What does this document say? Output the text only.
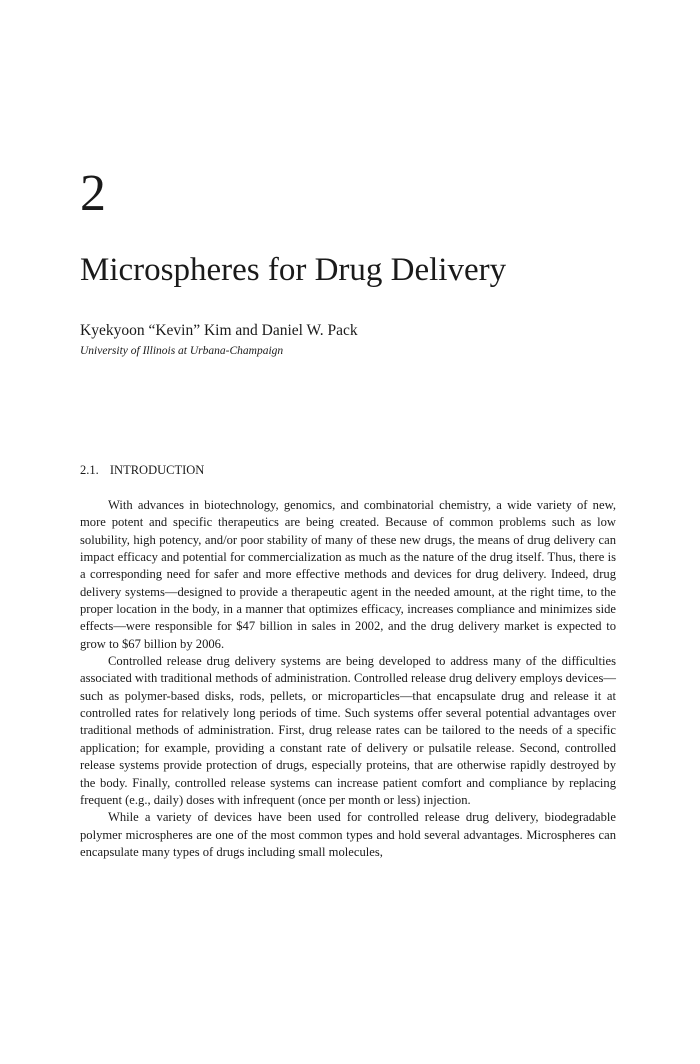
2
Microspheres for Drug Delivery
Kyekyoon “Kevin” Kim and Daniel W. Pack
University of Illinois at Urbana-Champaign
2.1. INTRODUCTION

With advances in biotechnology, genomics, and combinatorial chemistry, a wide variety of new, more potent and specific therapeutics are being created. Because of common problems such as low solubility, high potency, and/or poor stability of many of these new drugs, the means of drug delivery can impact efficacy and potential for commercialization as much as the nature of the drug itself. Thus, there is a corresponding need for safer and more effective methods and devices for drug delivery. Indeed, drug delivery systems—designed to provide a therapeutic agent in the needed amount, at the right time, to the proper location in the body, in a manner that optimizes efficacy, increases compliance and minimizes side effects—were responsible for $47 billion in sales in 2002, and the drug delivery market is expected to grow to $67 billion by 2006.

Controlled release drug delivery systems are being developed to address many of the difficulties associated with traditional methods of administration. Controlled release drug delivery employs devices—such as polymer-based disks, rods, pellets, or microparticles—that encapsulate drug and release it at controlled rates for relatively long periods of time. Such systems offer several potential advantages over traditional methods of administration. First, drug release rates can be tailored to the needs of a specific application; for example, providing a constant rate of delivery or pulsatile release. Second, controlled release systems provide protection of drugs, especially proteins, that are otherwise rapidly destroyed by the body. Finally, controlled release systems can increase patient comfort and compliance by replacing frequent (e.g., daily) doses with infrequent (once per month or less) injection.

While a variety of devices have been used for controlled release drug delivery, biodegradable polymer microspheres are one of the most common types and hold several advantages. Microspheres can encapsulate many types of drugs including small molecules,
